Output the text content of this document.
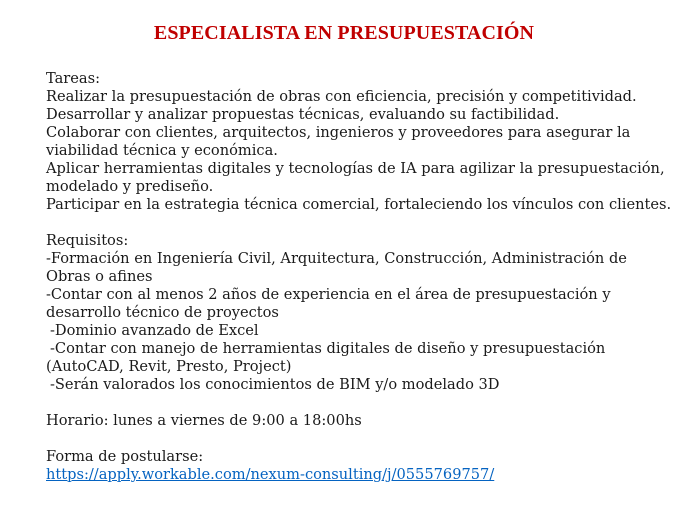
ESPECIALISTA EN PRESUPUESTACIÓN
Tareas:
Realizar la presupuestación de obras con eficiencia, precisión y competitividad.
Desarrollar y analizar propuestas técnicas, evaluando su factibilidad.
Colaborar con clientes, arquitectos, ingenieros y proveedores para asegurar la
viabilidad técnica y económica.
Aplicar herramientas digitales y tecnologías de IA para agilizar la presupuestación,
modelado y prediseño.
Participar en la estrategia técnica comercial, fortaleciendo los vínculos con clientes.
Requisitos:
-Formación en Ingeniería Civil, Arquitectura, Construcción, Administración de
Obras o afines
-Contar con al menos 2 años de experiencia en el área de presupuestación y
desarrollo técnico de proyectos
-Dominio avanzado de Excel
-Contar con manejo de herramientas digitales de diseño y presupuestación
(AutoCAD, Revit, Presto, Project)
-Serán valorados los conocimientos de BIM y/o modelado 3D
Horario: lunes a viernes de 9:00 a 18:00hs
Forma de postularse:
https://apply.workable.com/nexum-consulting/j/0555769757/
